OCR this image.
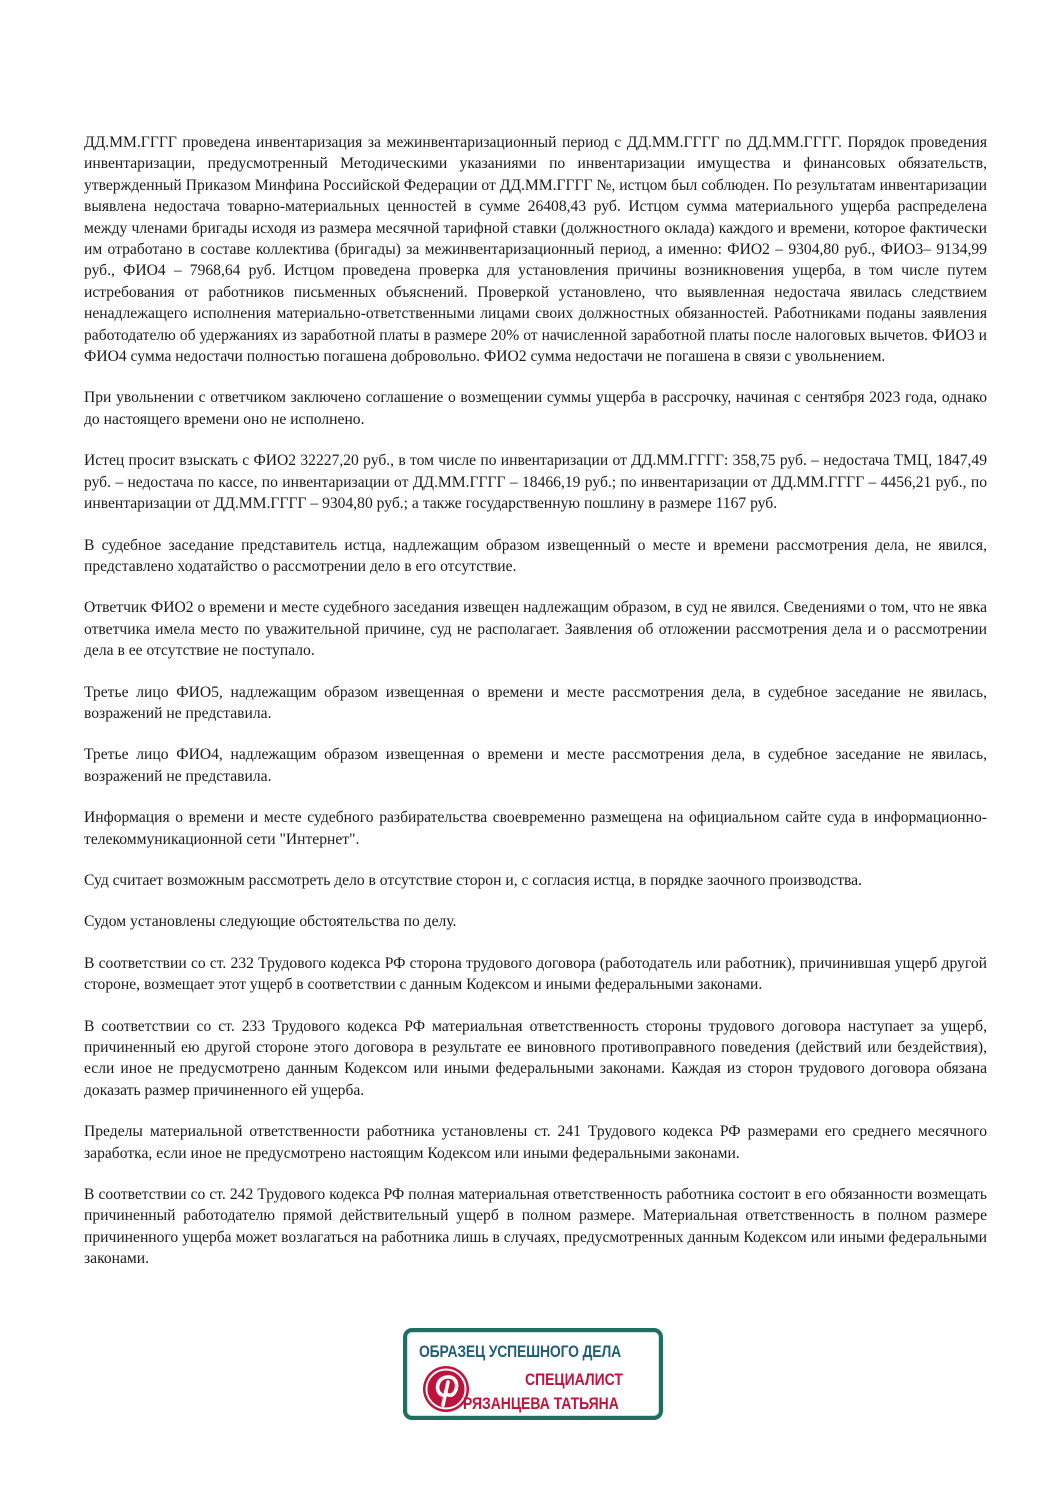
ДД.ММ.ГГГГ проведена инвентаризация за межинвентаризационный период с ДД.ММ.ГГГГ по ДД.ММ.ГГГГ. Порядок проведения инвентаризации, предусмотренный Методическими указаниями по инвентаризации имущества и финансовых обязательств, утвержденный Приказом Минфина Российской Федерации от ДД.ММ.ГГГГ №, истцом был соблюден. По результатам инвентаризации выявлена недостача товарно-материальных ценностей в сумме 26408,43 руб. Истцом сумма материального ущерба распределена между членами бригады исходя из размера месячной тарифной ставки (должностного оклада) каждого и времени, которое фактически им отработано в составе коллектива (бригады) за межинвентаризационный период, а именно: ФИО2 – 9304,80 руб., ФИО3– 9134,99 руб., ФИО4 – 7968,64 руб. Истцом проведена проверка для установления причины возникновения ущерба, в том числе путем истребования от работников письменных объяснений. Проверкой установлено, что выявленная недостача явилась следствием ненадлежащего исполнения материально-ответственными лицами своих должностных обязанностей. Работниками поданы заявления работодателю об удержаниях из заработной платы в размере 20% от начисленной заработной платы после налоговых вычетов. ФИО3 и ФИО4 сумма недостачи полностью погашена добровольно. ФИО2 сумма недостачи не погашена в связи с увольнением.

При увольнении с ответчиком заключено соглашение о возмещении суммы ущерба в рассрочку, начиная с сентября 2023 года, однако до настоящего времени оно не исполнено.

Истец просит взыскать с ФИО2 32227,20 руб., в том числе по инвентаризации от ДД.ММ.ГГГГ: 358,75 руб. – недостача ТМЦ, 1847,49 руб. – недостача по кассе, по инвентаризации от ДД.ММ.ГГГГ – 18466,19 руб.; по инвентаризации от ДД.ММ.ГГГГ – 4456,21 руб., по инвентаризации от ДД.ММ.ГГГГ – 9304,80 руб.; а также государственную пошлину в размере 1167 руб.

В судебное заседание представитель истца, надлежащим образом извещенный о месте и времени рассмотрения дела, не явился, представлено ходатайство о рассмотрении дело в его отсутствие.

Ответчик ФИО2 о времени и месте судебного заседания извещен надлежащим образом, в суд не явился. Сведениями о том, что не явка ответчика имела место по уважительной причине, суд не располагает. Заявления об отложении рассмотрения дела и о рассмотрении дела в ее отсутствие не поступало.

Третье лицо ФИО5, надлежащим образом извещенная о времени и месте рассмотрения дела, в судебное заседание не явилась, возражений не представила.

Третье лицо ФИО4, надлежащим образом извещенная о времени и месте рассмотрения дела, в судебное заседание не явилась, возражений не представила.

Информация о времени и месте судебного разбирательства своевременно размещена на официальном сайте суда в информационно-телекоммуникационной сети "Интернет".

Суд считает возможным рассмотреть дело в отсутствие сторон и, с согласия истца, в порядке заочного производства.

Судом установлены следующие обстоятельства по делу.

В соответствии со ст. 232 Трудового кодекса РФ сторона трудового договора (работодатель или работник), причинившая ущерб другой стороне, возмещает этот ущерб в соответствии с данным Кодексом и иными федеральными законами.

В соответствии со ст. 233 Трудового кодекса РФ материальная ответственность стороны трудового договора наступает за ущерб, причиненный ею другой стороне этого договора в результате ее виновного противоправного поведения (действий или бездействия), если иное не предусмотрено данным Кодексом или иными федеральными законами. Каждая из сторон трудового договора обязана доказать размер причиненного ей ущерба.

Пределы материальной ответственности работника установлены ст. 241 Трудового кодекса РФ размерами его среднего месячного заработка, если иное не предусмотрено настоящим Кодексом или иными федеральными законами.

В соответствии со ст. 242 Трудового кодекса РФ полная материальная ответственность работника состоит в его обязанности возмещать причиненный работодателю прямой действительный ущерб в полном размере. Материальная ответственность в полном размере причиненного ущерба может возлагаться на работника лишь в случаях, предусмотренных данным Кодексом или иными федеральными законами.

ОБРАЗЕЦ УСПЕШНОГО ДЕЛА
СПЕЦИАЛИСТ
РЯЗАНЦЕВА ТАТЬЯНА
